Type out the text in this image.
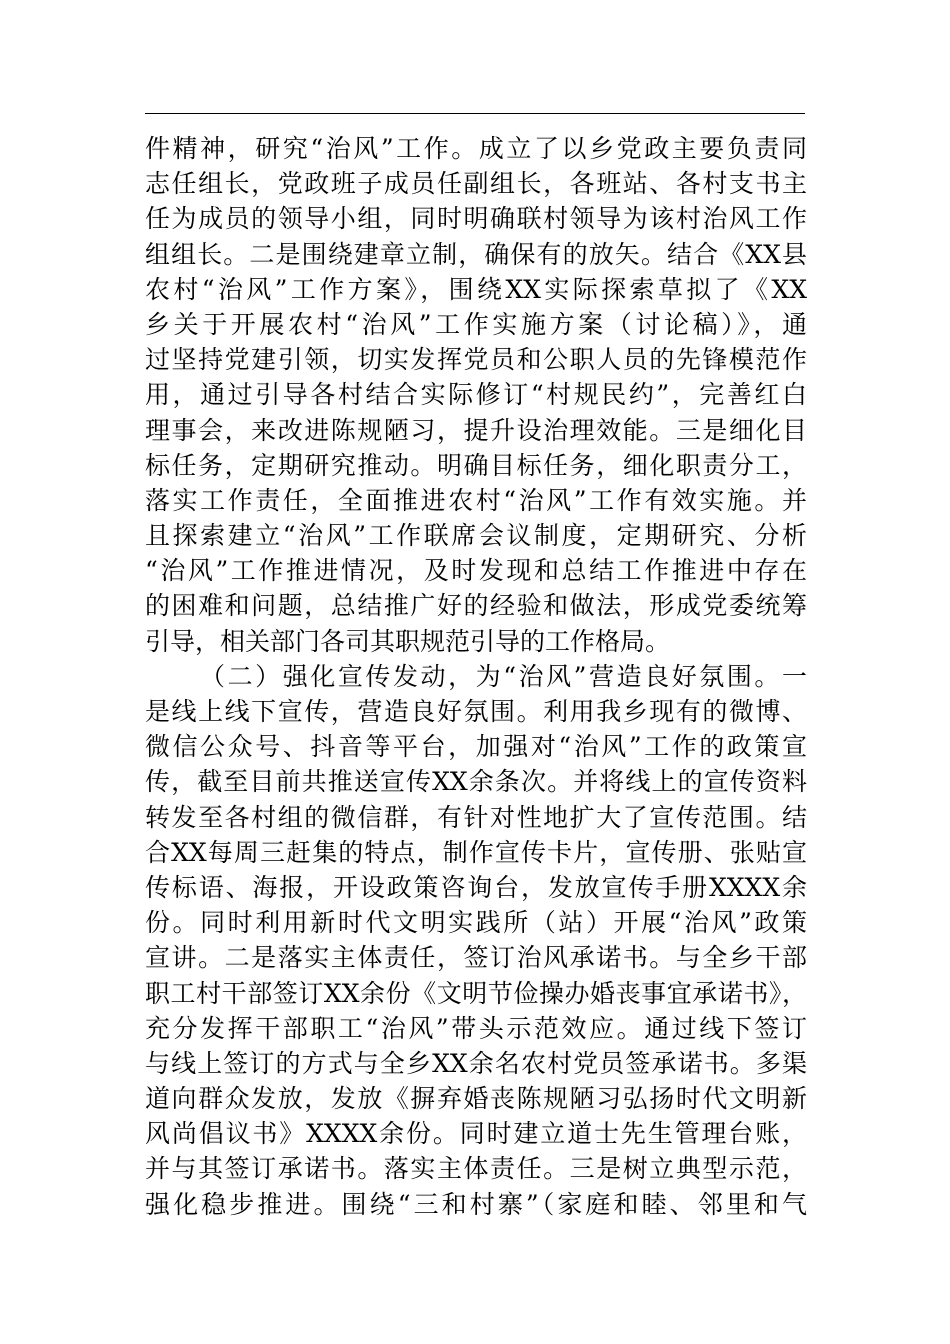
件精神，研究“治风”工作。成立了以乡党政主要负责同
志任组长，党政班子成员任副组长，各班站、各村支书主
任为成员的领导小组，同时明确联村领导为该村治风工作
组组长。二是围绕建章立制，确保有的放矢。结合《XX县
农村“治风”工作方案》，围绕XX实际探索草拟了《XX
乡关于开展农村“治风”工作实施方案（讨论稿）》，通
过坚持党建引领，切实发挥党员和公职人员的先锋模范作
用，通过引导各村结合实际修订“村规民约”，完善红白
理事会，来改进陈规陋习，提升设治理效能。三是细化目
标任务，定期研究推动。明确目标任务，细化职责分工，
落实工作责任，全面推进农村“治风”工作有效实施。并
且探索建立“治风”工作联席会议制度，定期研究、分析
“治风”工作推进情况，及时发现和总结工作推进中存在
的困难和问题，总结推广好的经验和做法，形成党委统筹
引导，相关部门各司其职规范引导的工作格局。
（二）强化宣传发动，为“治风”营造良好氛围。一
是线上线下宣传，营造良好氛围。利用我乡现有的微博、
微信公众号、抖音等平台，加强对“治风”工作的政策宣
传，截至目前共推送宣传XX余条次。并将线上的宣传资料
转发至各村组的微信群，有针对性地扩大了宣传范围。结
合XX每周三赶集的特点，制作宣传卡片，宣传册、张贴宣
传标语、海报，开设政策咨询台，发放宣传手册XXXX余
份。同时利用新时代文明实践所（站）开展“治风”政策
宣讲。二是落实主体责任，签订治风承诺书。与全乡干部
职工村干部签订XX余份《文明节俭操办婚丧事宜承诺书》，
充分发挥干部职工“治风”带头示范效应。通过线下签订
与线上签订的方式与全乡XX余名农村党员签承诺书。多渠
道向群众发放，发放《摒弃婚丧陈规陋习弘扬时代文明新
风尚倡议书》XXXX余份。同时建立道士先生管理台账，
并与其签订承诺书。落实主体责任。三是树立典型示范，
强化稳步推进。围绕“三和村寨”（家庭和睦、邻里和气
